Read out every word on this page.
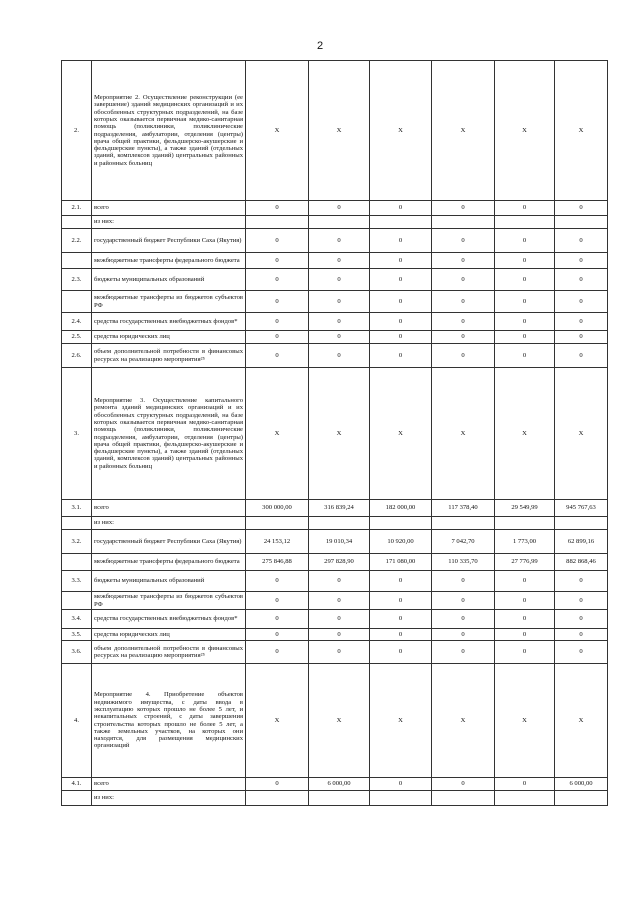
2
2.	Мероприятие 2. Осуществление реконструкции (ее завершение) зданий медицинских организаций и их обособленных структурных подразделений, на базе которых оказывается первичная медико-санитарная помощь (поликлиники, поликлинические подразделения, амбулатории, отделения (центры) врача общей практики, фельдшерско-акушерские и фельдшерские пункты), а также зданий (отдельных зданий, комплексов зданий) центральных районных и районных больниц	Х	Х	Х	Х	Х	Х
2.1.	всего	0	0	0	0	0	0
	из них:						
2.2.	государственный бюджет Республики Саха (Якутия)	0	0	0	0	0	0
	межбюджетные трансферты федерального бюджета	0	0	0	0	0	0
2.3.	бюджеты муниципальных образований	0	0	0	0	0	0
	межбюджетные трансферты из бюджетов субъектов РФ	0	0	0	0	0	0
2.4.	средства государственных внебюджетных фондов*	0	0	0	0	0	0
2.5.	средства юридических лиц	0	0	0	0	0	0
2.6.	объем дополнительной потребности в финансовых ресурсах на реализацию мероприятия²⁵	0	0	0	0	0	0
3.	Мероприятие 3. Осуществление капитального ремонта зданий медицинских организаций и их обособленных структурных подразделений, на базе которых оказывается первичная медико-санитарная помощь (поликлиники, поликлинические подразделения, амбулатории, отделения (центры) врача общей практики, фельдшерско-акушерские и фельдшерские пункты), а также зданий (отдельных зданий, комплексов зданий) центральных районных и районных больниц	Х	Х	Х	Х	Х	Х
3.1.	всего	300 000,00	316 839,24	182 000,00	117 378,40	29 549,99	945 767,63
	из них:						
3.2.	государственный бюджет Республики Саха (Якутия)	24 153,12	19 010,34	10 920,00	7 042,70	1 773,00	62 899,16
	межбюджетные трансферты федерального бюджета	275 846,88	297 828,90	171 080,00	110 335,70	27 776,99	882 868,46
3.3.	бюджеты муниципальных образований	0	0	0	0	0	0
	межбюджетные трансферты из бюджетов субъектов РФ	0	0	0	0	0	0
3.4.	средства государственных внебюджетных фондов*	0	0	0	0	0	0
3.5.	средства юридических лиц	0	0	0	0	0	0
3.6.	объем дополнительной потребности в финансовых ресурсах на реализацию мероприятия²⁵	0	0	0	0	0	0
4.	Мероприятие 4. Приобретение объектов недвижимого имущества, с даты ввода в эксплуатацию которых прошло не более 5 лет, и некапитальных строений, с даты завершения строительства которых прошло не более 5 лет, а также земельных участков, на которых они находятся, для размещения медицинских организаций	Х	Х	Х	Х	Х	Х
4.1.	всего	0	6 000,00	0	0	0	6 000,00
	из них:						
